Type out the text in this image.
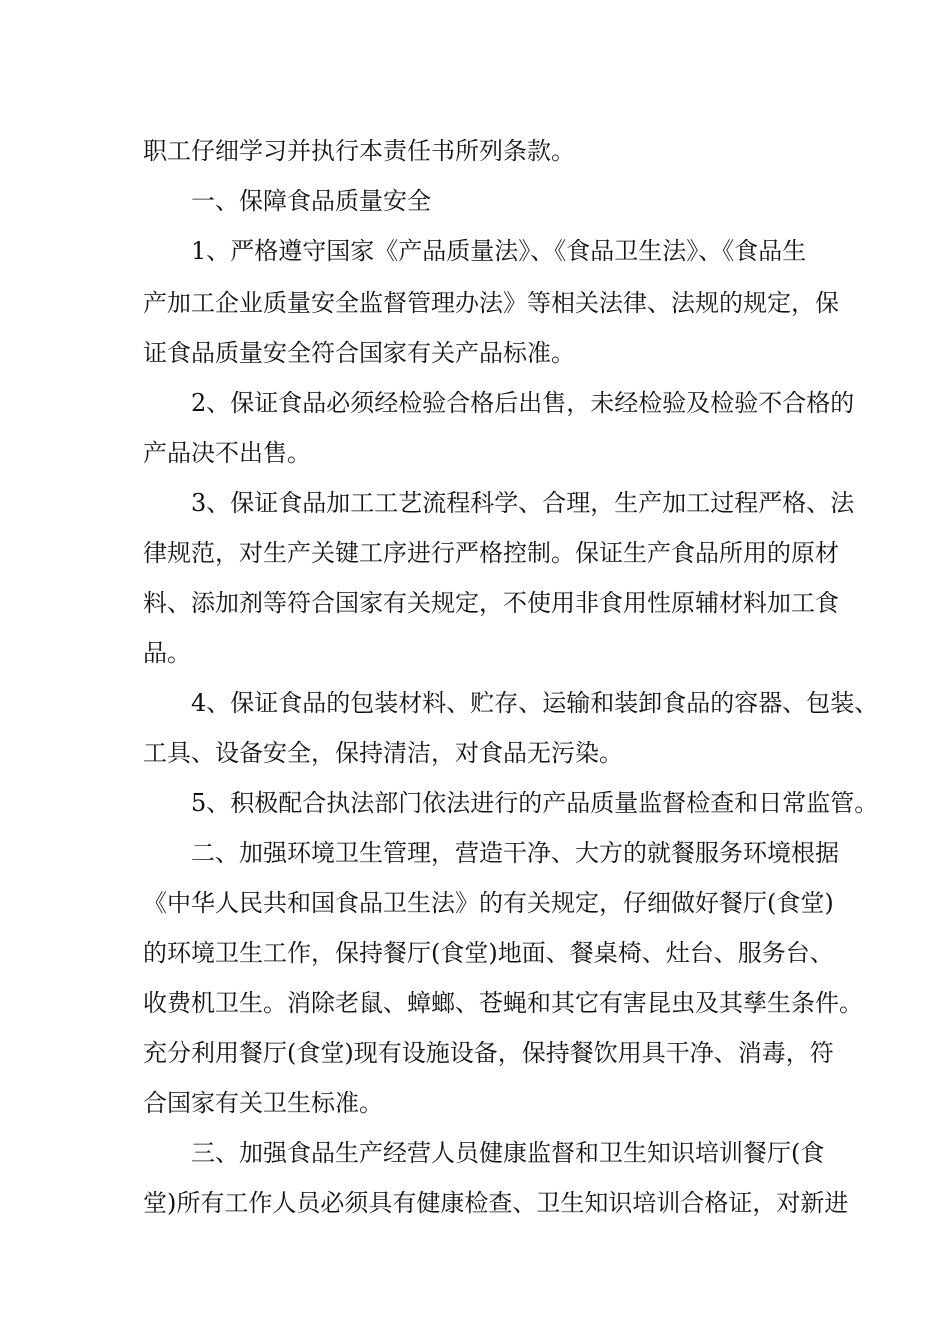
职工仔细学习并执行本责任书所列条款。
一、保障食品质量安全
1、严格遵守国家《产品质量法》、《食品卫生法》、《食品生
产加工企业质量安全监督管理办法》等相关法律、法规的规定，保
证食品质量安全符合国家有关产品标准。
2、保证食品必须经检验合格后出售，未经检验及检验不合格的
产品决不出售。
3、保证食品加工工艺流程科学、合理，生产加工过程严格、法
律规范，对生产关键工序进行严格控制。保证生产食品所用的原材
料、添加剂等符合国家有关规定，不使用非食用性原辅材料加工食
品。
4、保证食品的包装材料、贮存、运输和装卸食品的容器、包装、
工具、设备安全，保持清洁，对食品无污染。
5、积极配合执法部门依法进行的产品质量监督检查和日常监管。
二、加强环境卫生管理，营造干净、大方的就餐服务环境根据
《中华人民共和国食品卫生法》的有关规定，仔细做好餐厅(食堂)
的环境卫生工作，保持餐厅(食堂)地面、餐桌椅、灶台、服务台、
收费机卫生。消除老鼠、蟑螂、苍蝇和其它有害昆虫及其孳生条件。
充分利用餐厅(食堂)现有设施设备，保持餐饮用具干净、消毒，符
合国家有关卫生标准。
三、加强食品生产经营人员健康监督和卫生知识培训餐厅(食
堂)所有工作人员必须具有健康检查、卫生知识培训合格证，对新进
